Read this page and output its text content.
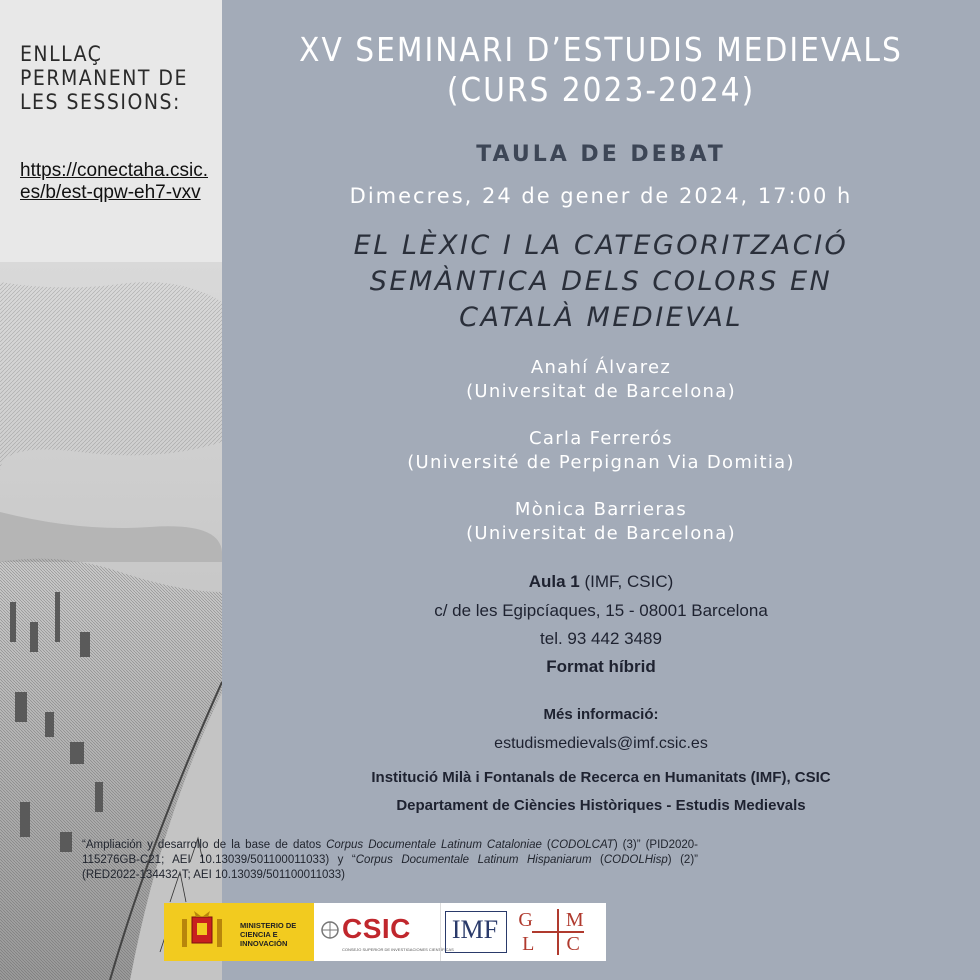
ENLLAÇ PERMANENT DE LES SESSIONS:
https://conectaha.csic.es/b/est-qpw-eh7-vxv
XV SEMINARI D’ESTUDIS MEDIEVALS
(CURS 2023-2024)
TAULA DE DEBAT
Dimecres, 24 de gener de 2024, 17:00 h
EL LÈXIC I LA CATEGORITZACIÓ
SEMÀNTICA DELS COLORS EN
CATALÀ MEDIEVAL
Anahí Álvarez
(Universitat de Barcelona)
Carla Ferrerós
(Université de Perpignan Via Domitia)
Mònica Barrieras
(Universitat de Barcelona)
Aula 1 (IMF, CSIC)
c/ de les Egipcíaques, 15 - 08001 Barcelona
tel. 93 442 3489
Format híbrid
Més informació:
estudismedievals@imf.csic.es
Institució Milà i Fontanals de Recerca en Humanitats (IMF), CSIC
Departament de Ciències Històriques - Estudis Medievals
“Ampliación y desarrollo de la base de datos Corpus Documentale Latinum Cataloniae (CODOLCAT) (3)” (PID2020-115276GB-C21; AEI 10.13039/501100011033) y “Corpus Documentale Latinum Hispaniarum (CODOLHisp) (2)” (RED2022-134432-T; AEI 10.13039/501100011033)
MINISTERIO DE CIENCIA E INNOVACIÓN	CSIC
CONSEJO SUPERIOR DE INVESTIGACIONES CIENTÍFICAS
IMF	G M
L C
